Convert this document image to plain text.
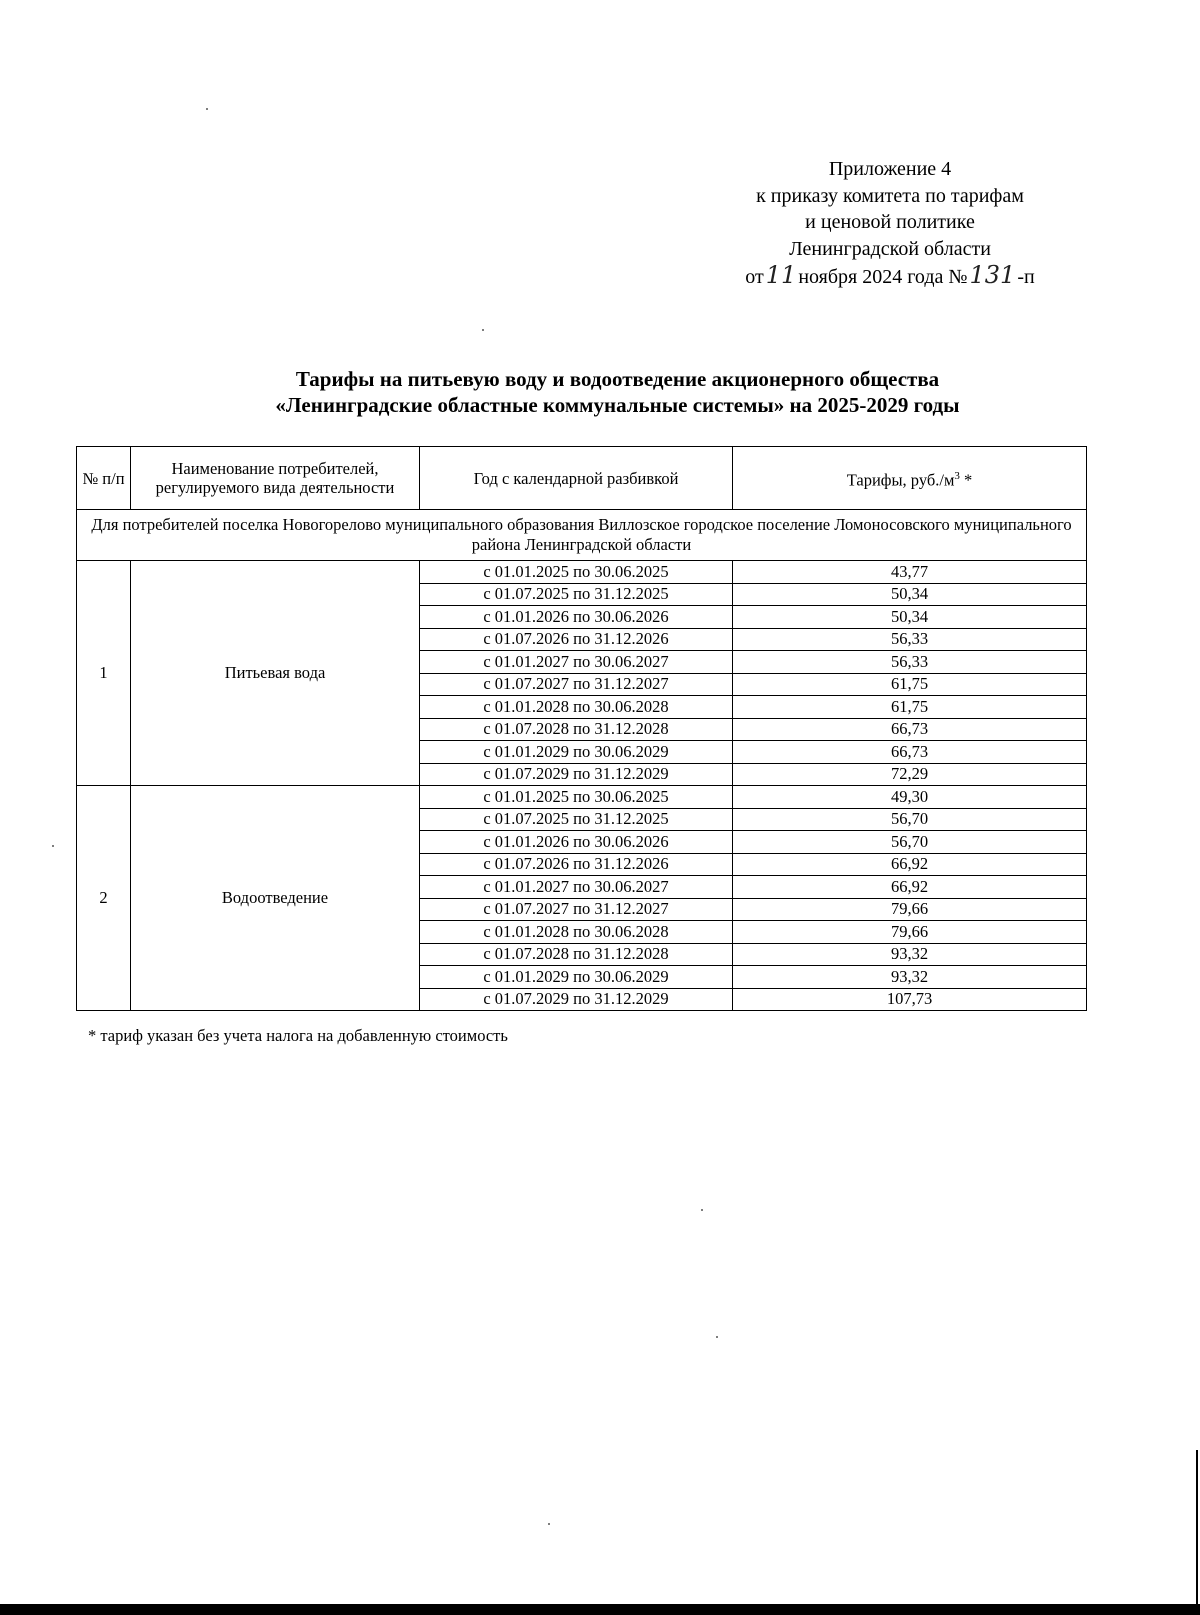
Приложение 4
к приказу комитета по тарифам
и ценовой политике
Ленинградской области
от11 ноября 2024 года №131 -п
Тарифы на питьевую воду и водоотведение акционерного общества
«Ленинградские областные коммунальные системы» на 2025-2029 годы
№ п/п	Наименование потребителей, регулируемого вида деятельности	Год с календарной разбивкой	Тарифы, $руб./м^3$ *
Для потребителей поселка Новогорелово муниципального образования Виллозское городское поселение Ломоносовского муниципального района Ленинградской области			
1	Питьевая вода	с 01.01.2025 по 30.06.2025	43,77
		с 01.07.2025 по 31.12.2025	50,34
		с 01.01.2026 по 30.06.2026	50,34
		с 01.07.2026 по 31.12.2026	56,33
		с 01.01.2027 по 30.06.2027	56,33
		с 01.07.2027 по 31.12.2027	61,75
		с 01.01.2028 по 30.06.2028	61,75
		с 01.07.2028 по 31.12.2028	66,73
		с 01.01.2029 по 30.06.2029	66,73
		с 01.07.2029 по 31.12.2029	72,29
2	Водоотведение	с 01.01.2025 по 30.06.2025	49,30
		с 01.07.2025 по 31.12.2025	56,70
		с 01.01.2026 по 30.06.2026	56,70
		с 01.07.2026 по 31.12.2026	66,92
		с 01.01.2027 по 30.06.2027	66,92
		с 01.07.2027 по 31.12.2027	79,66
		с 01.01.2028 по 30.06.2028	79,66
		с 01.07.2028 по 31.12.2028	93,32
		с 01.01.2029 по 30.06.2029	93,32
		с 01.07.2029 по 31.12.2029	107,73
* тариф указан без учета налога на добавленную стоимость
